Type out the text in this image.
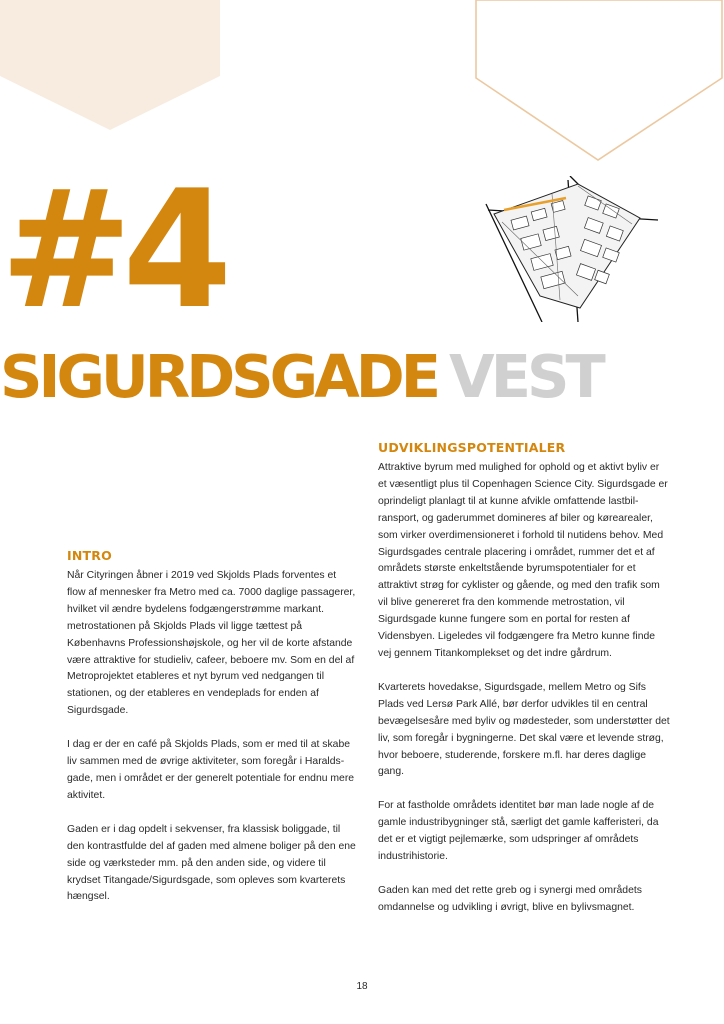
#4
SIGURDSGADE VEST
INTRO

Når Cityringen åbner i 2019 ved Skjolds Plads forventes et flow af mennesker fra Metro med ca. 7000 daglige passagerer, hvilket vil ændre bydelens fodgængerstrømme markant. metrostationen på Skjolds Plads vil ligge tættest på Københavns Professionshøjskole, og her vil de korte afstande være attraktive for studieliv, cafeer, beboere mv. Som en del af Metroprojektet etableres et nyt byrum ved nedgangen til stationen, og der etableres en vendeplads for enden af Sigurdsgade.

I dag er der en café på Skjolds Plads, som er med til at skabe liv sammen med de øvrige aktiviteter, som foregår i Haralds-gade, men i området er der generelt potentiale for endnu mere aktivitet.

Gaden er i dag opdelt i sekvenser, fra klassisk boliggade, til den kontrastfulde del af gaden med almene boliger på den ene side og værksteder mm. på den anden side, og videre til krydset Titangade/Sigurdsgade, som opleves som kvarterets hængsel.

UDVIKLINGSPOTENTIALER

Attraktive byrum med mulighed for ophold og et aktivt byliv er et væsentligt plus til Copenhagen Science City. Sigurdsgade er oprindeligt planlagt til at kunne afvikle omfattende lastbil-ransport, og gaderummet domineres af biler og kørearealer, som virker overdimensioneret i forhold til nutidens behov. Med Sigurdsgades centrale placering i området, rummer det et af områdets største enkeltstående byrumspotentialer for et attraktivt strøg for cyklister og gående, og med den trafik som vil blive genereret fra den kommende metrostation, vil Sigurdsgade kunne fungere som en portal for resten af Vidensbyen. Ligeledes vil fodgængere fra Metro kunne finde vej gennem Titankomplekset og det indre gårdrum.

Kvarterets hovedakse, Sigurdsgade, mellem Metro og Sifs Plads ved Lersø Park Allé, bør derfor udvikles til en central bevægelsesåre med byliv og mødesteder, som understøtter det liv, som foregår i bygningerne. Det skal være et levende strøg, hvor beboere, studerende, forskere m.fl. har deres daglige gang.

For at fastholde områdets identitet bør man lade nogle af de gamle industribygninger stå, særligt det gamle kafferisteri, da det er et vigtigt pejlemærke, som udspringer af områdets industrihistorie.

Gaden kan med det rette greb og i synergi med områdets omdannelse og udvikling i øvrigt, blive en bylivsmagnet.

18
